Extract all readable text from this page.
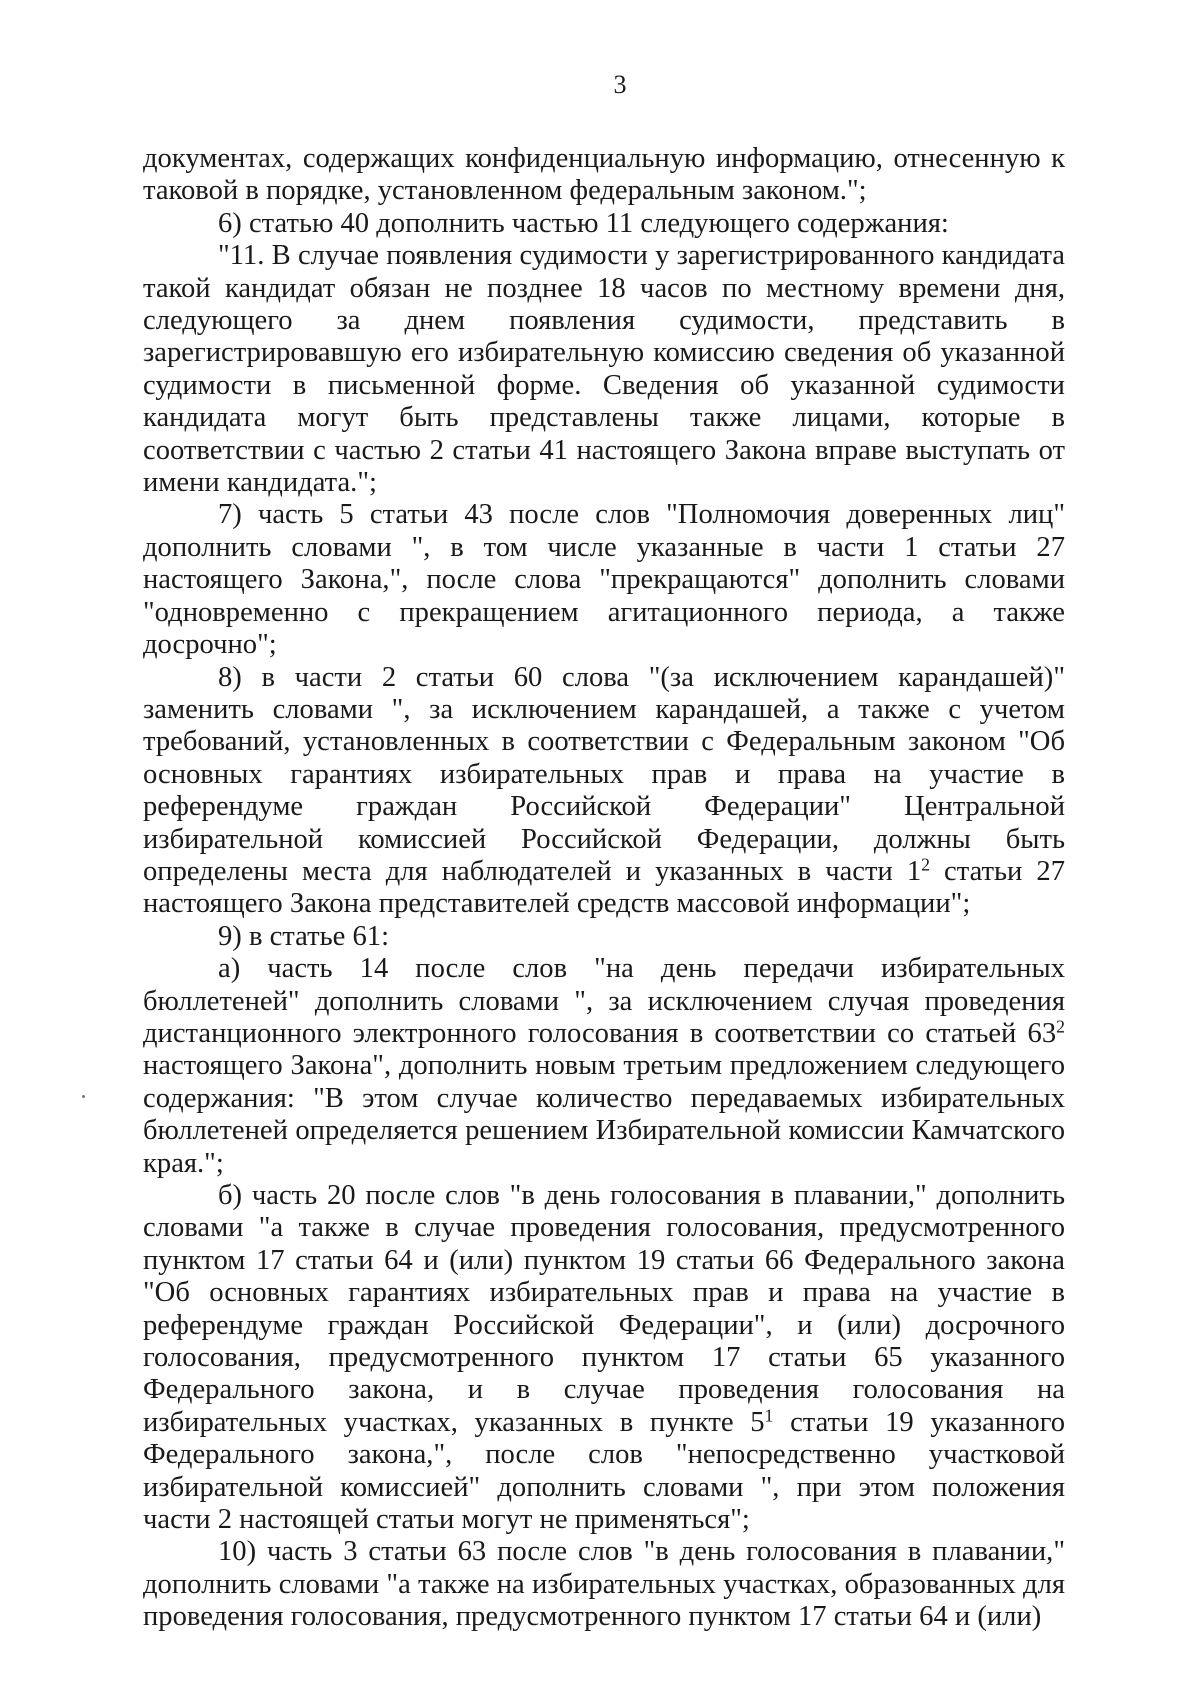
3

документах, содержащих конфиденциальную информацию, отнесенную к таковой в порядке, установленном федеральным законом.";

6) статью 40 дополнить частью 11 следующего содержания:

"11. В случае появления судимости у зарегистрированного кандидата такой кандидат обязан не позднее 18 часов по местному времени дня, следующего за днем появления судимости, представить в зарегистрировавшую его избирательную комиссию сведения об указанной судимости в письменной форме. Сведения об указанной судимости кандидата могут быть представлены также лицами, которые в соответствии с частью 2 статьи 41 настоящего Закона вправе выступать от имени кандидата.";

7) часть 5 статьи 43 после слов "Полномочия доверенных лиц" дополнить словами ", в том числе указанные в части 1 статьи 27 настоящего Закона,", после слова "прекращаются" дополнить словами "одновременно с прекращением агитационного периода, а также досрочно";

8) в части 2 статьи 60 слова "(за исключением карандашей)" заменить словами ", за исключением карандашей, а также с учетом требований, установленных в соответствии с Федеральным законом "Об основных гарантиях избирательных прав и права на участие в референдуме граждан Российской Федерации" Центральной избирательной комиссией Российской Федерации, должны быть определены места для наблюдателей и указанных в части $1^2$ статьи 27 настоящего Закона представителей средств массовой информации";

9) в статье 61:

а) часть 14 после слов "на день передачи избирательных бюллетеней" дополнить словами ", за исключением случая проведения дистанционного электронного голосования в соответствии со статьей $63^2$ настоящего Закона", дополнить новым третьим предложением следующего содержания: "В этом случае количество передаваемых избирательных бюллетеней определяется решением Избирательной комиссии Камчатского края.";

б) часть 20 после слов "в день голосования в плавании," дополнить словами "а также в случае проведения голосования, предусмотренного пунктом 17 статьи 64 и (или) пунктом 19 статьи 66 Федерального закона "Об основных гарантиях избирательных прав и права на участие в референдуме граждан Российской Федерации", и (или) досрочного голосования, предусмотренного пунктом 17 статьи 65 указанного Федерального закона, и в случае проведения голосования на избирательных участках, указанных в пункте $5^1$ статьи 19 указанного Федерального закона,", после слов "непосредственно участковой избирательной комиссией" дополнить словами ", при этом положения части 2 настоящей статьи могут не применяться";

10) часть 3 статьи 63 после слов "в день голосования в плавании," дополнить словами "а также на избирательных участках, образованных для проведения голосования, предусмотренного пунктом 17 статьи 64 и (или)
